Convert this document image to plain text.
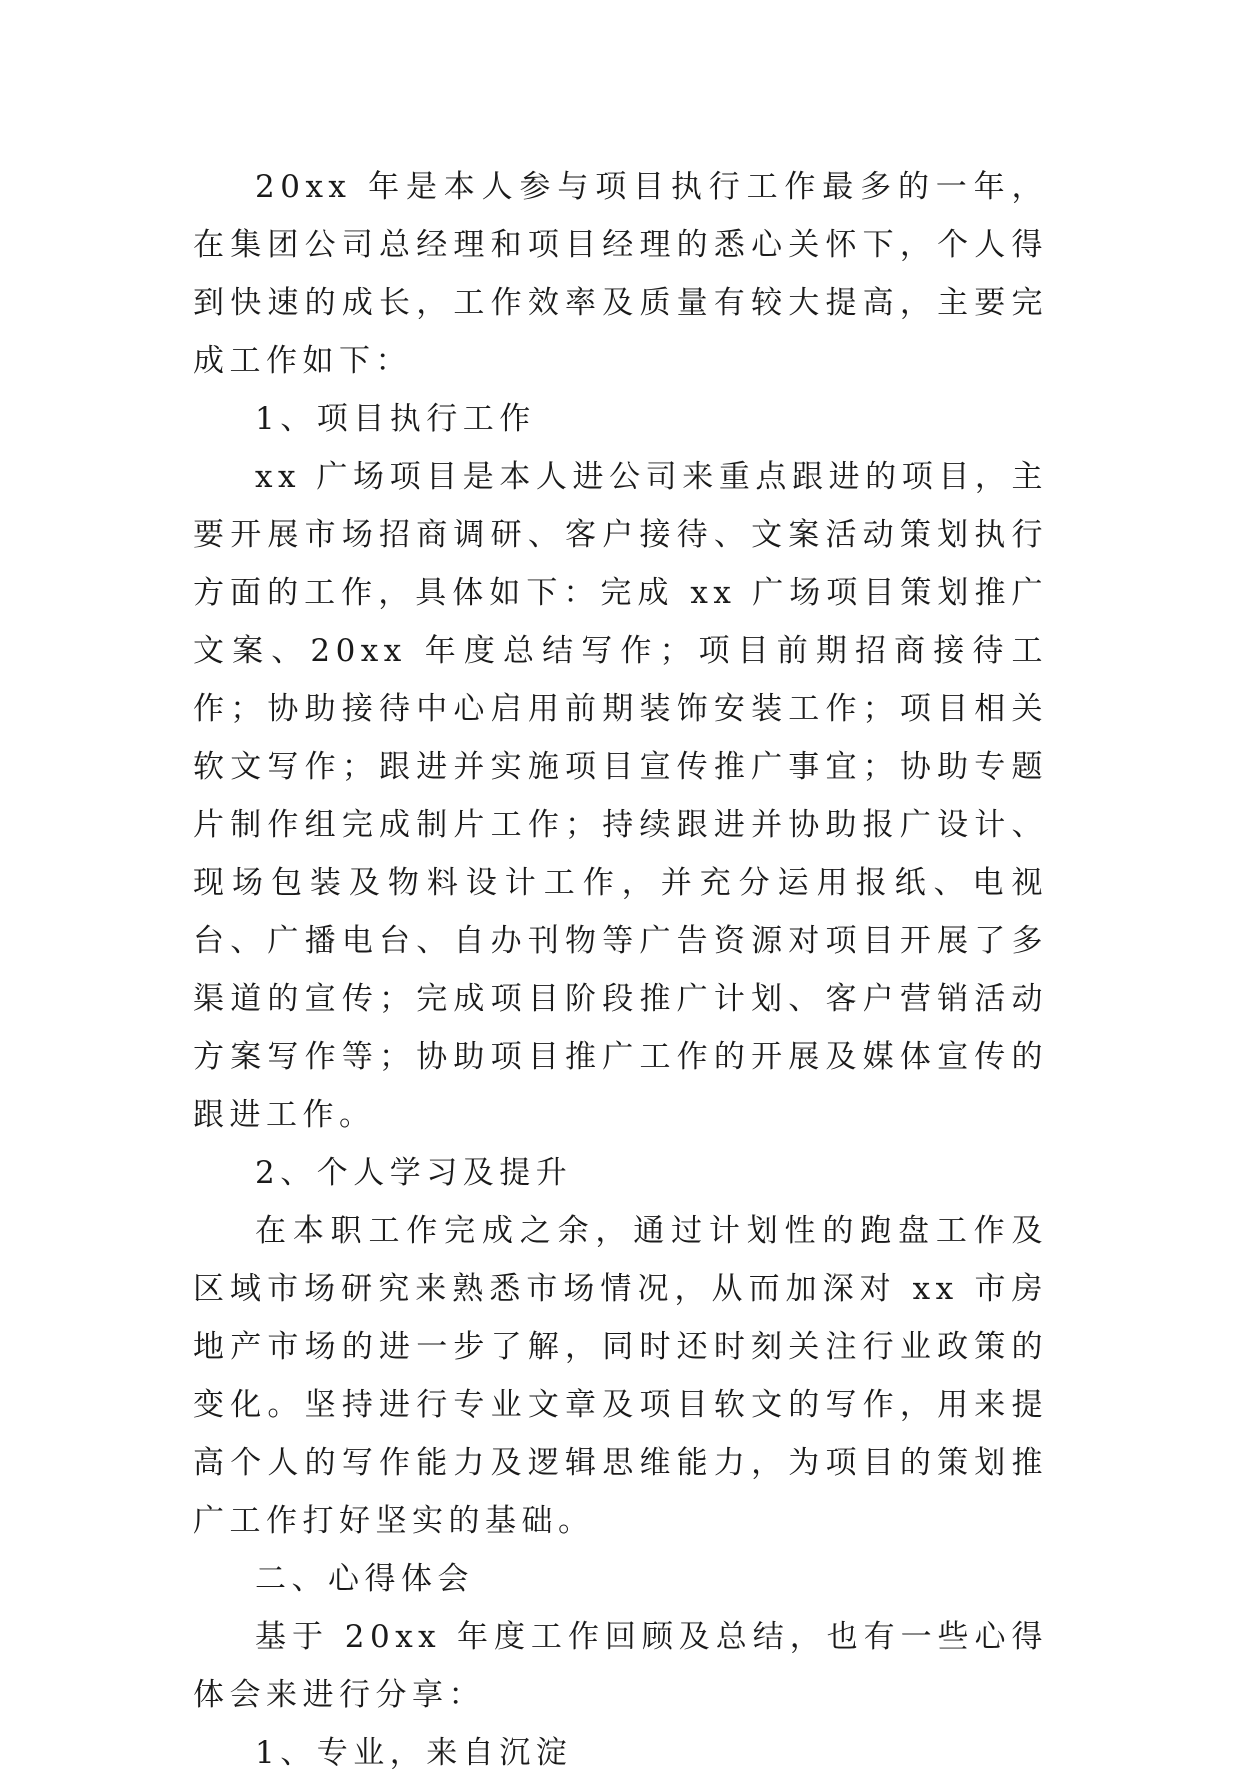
20xx 年是本人参与项目执行工作最多的一年，在集团公司总经理和项目经理的悉心关怀下，个人得到快速的成长，工作效率及质量有较大提高，主要完成工作如下：

1、项目执行工作

xx 广场项目是本人进公司来重点跟进的项目，主要开展市场招商调研、客户接待、文案活动策划执行方面的工作，具体如下：完成 xx 广场项目策划推广文案、20xx 年度总结写作；项目前期招商接待工作；协助接待中心启用前期装饰安装工作；项目相关软文写作；跟进并实施项目宣传推广事宜；协助专题片制作组完成制片工作；持续跟进并协助报广设计、现场包装及物料设计工作，并充分运用报纸、电视台、广播电台、自办刊物等广告资源对项目开展了多渠道的宣传；完成项目阶段推广计划、客户营销活动方案写作等；协助项目推广工作的开展及媒体宣传的跟进工作。

2、个人学习及提升

在本职工作完成之余，通过计划性的跑盘工作及区域市场研究来熟悉市场情况，从而加深对 xx 市房地产市场的进一步了解，同时还时刻关注行业政策的变化。坚持进行专业文章及项目软文的写作，用来提高个人的写作能力及逻辑思维能力，为项目的策划推广工作打好坚实的基础。

二、心得体会

基于 20xx 年度工作回顾及总结，也有一些心得体会来进行分享：

1、专业，来自沉淀
